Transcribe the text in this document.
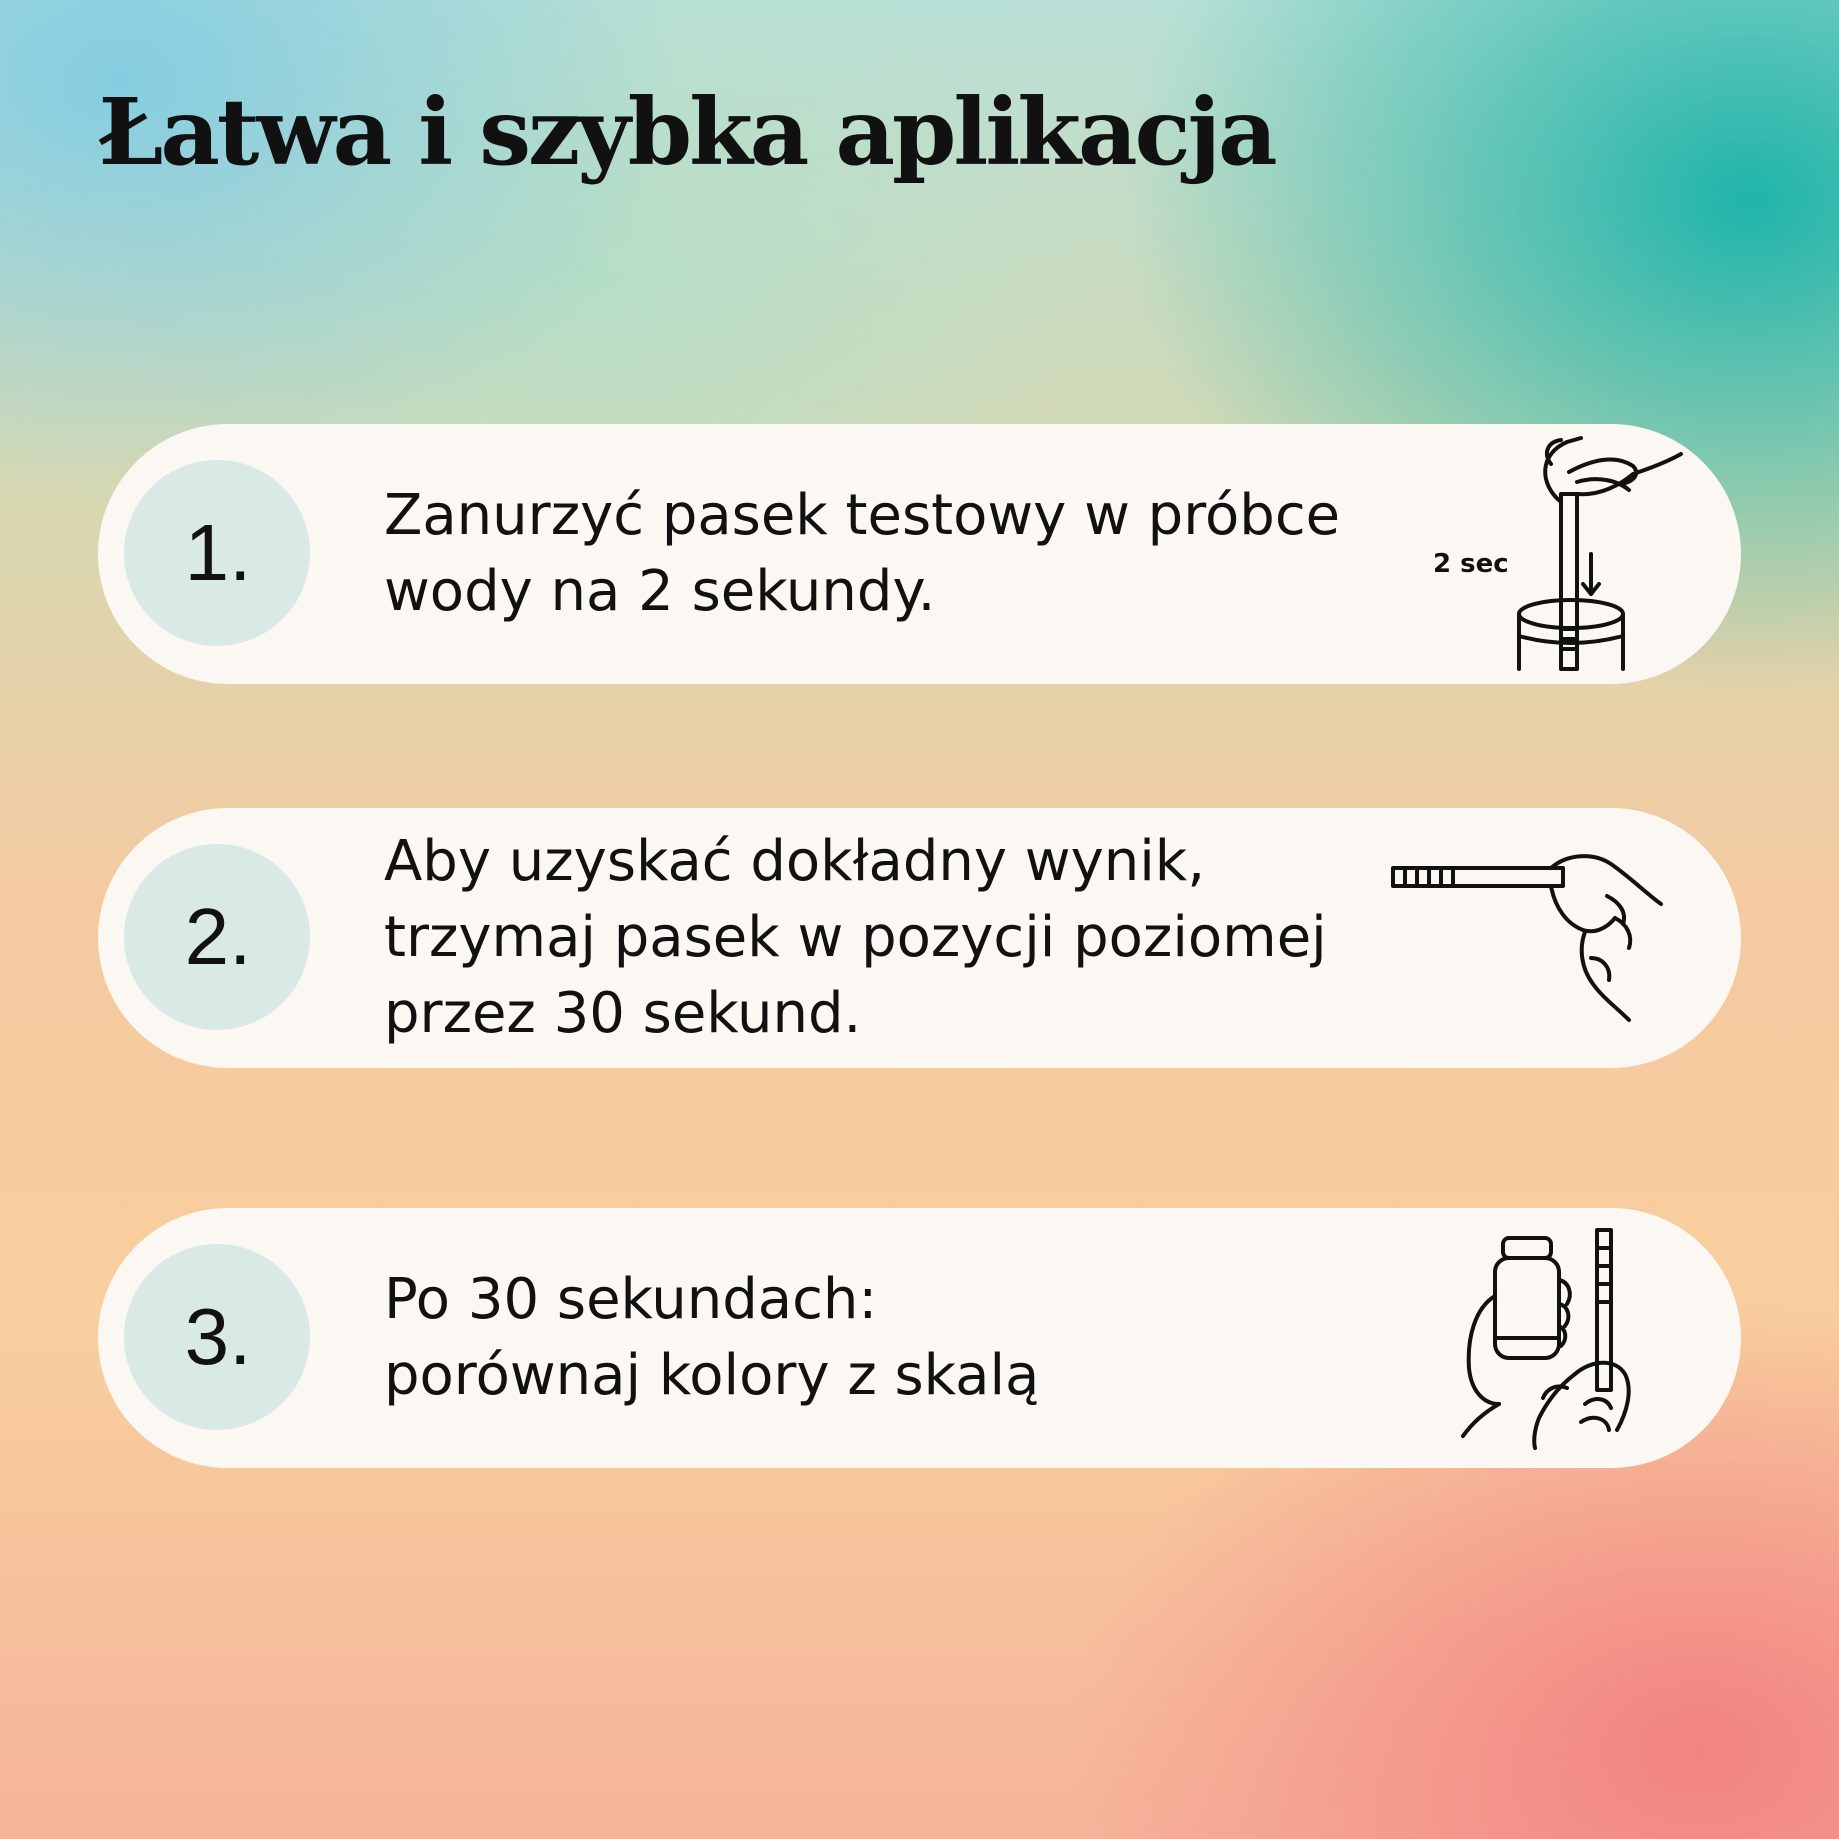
Łatwa i szybka aplikacja
1. Zanurzyć pasek testowy w próbce
wody na 2 sekundy.	2 sec
2.
Aby uzyskać dokładny wynik,
trzymaj pasek w pozycji poziomej
przez 30 sekund.
3. Po 30 sekundach:
porównaj kolory z skalą
